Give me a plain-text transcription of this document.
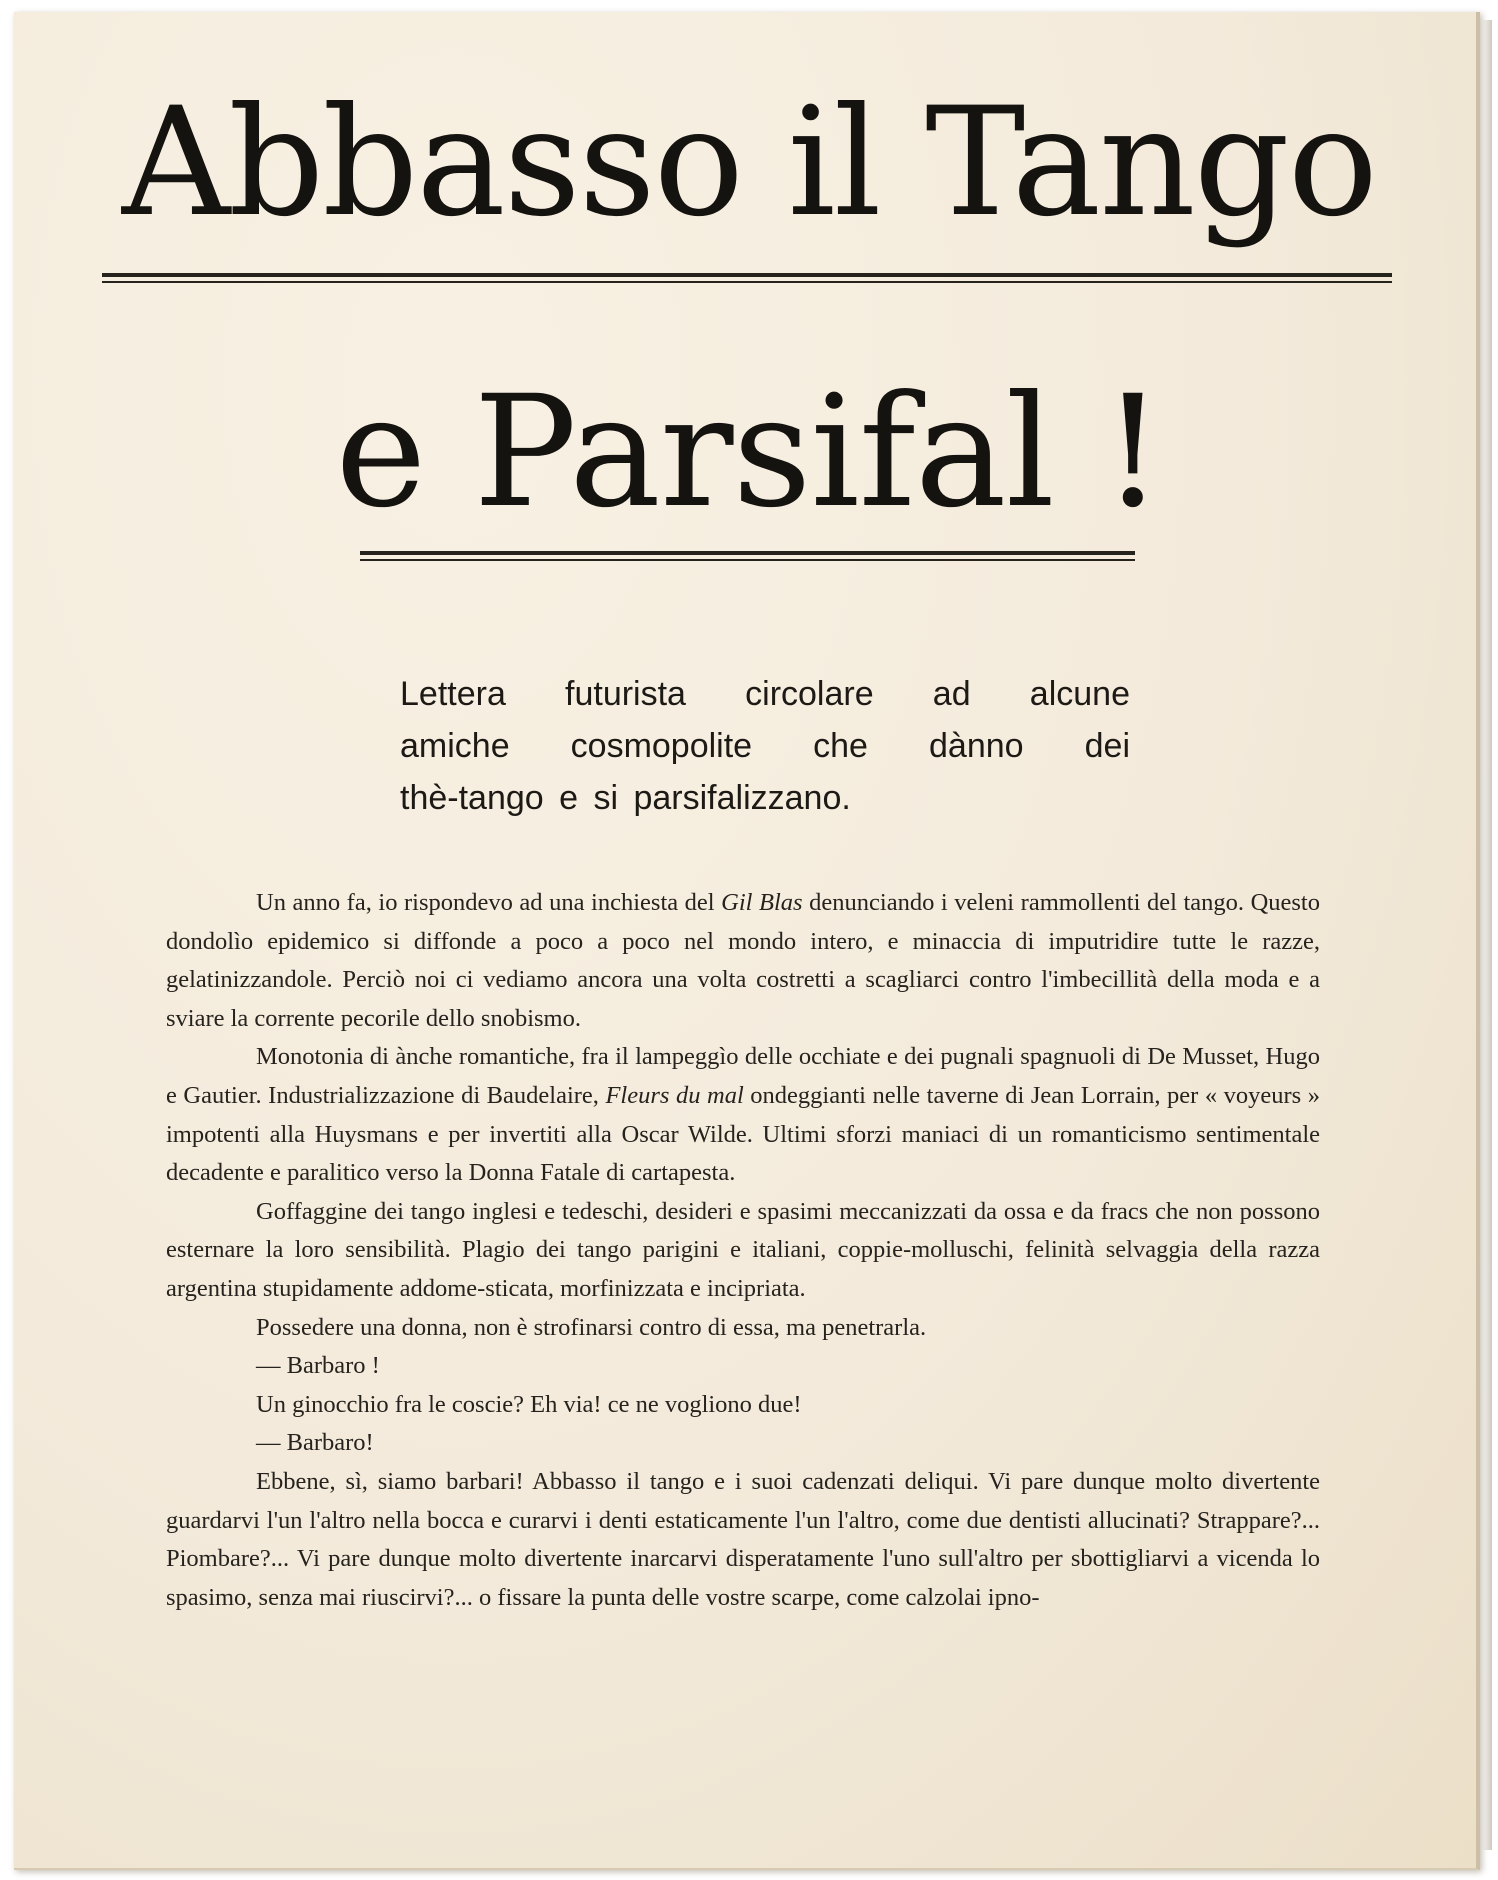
Abbasso il Tango
e Parsifal !
Lettera futurista circolare ad alcune
amiche cosmopolite che dànno dei
thè-tango e si parsifalizzano.

Un anno fa, io rispondevo ad una inchiesta del Gil Blas denunciando i veleni rammollenti del tango. Questo dondolìo epidemico si diffonde a poco a poco nel mondo intero, e minaccia di imputridire tutte le razze, gelatinizzandole. Perciò noi ci vediamo ancora una volta costretti a scagliarci contro l'imbecillità della moda e a sviare la corrente pecorile dello snobismo.

Monotonia di ànche romantiche, fra il lampeggìo delle occhiate e dei pugnali spagnuoli di De Musset, Hugo e Gautier. Industrializzazione di Baudelaire, Fleurs du mal ondeggianti nelle taverne di Jean Lorrain, per « voyeurs » impotenti alla Huysmans e per invertiti alla Oscar Wilde. Ultimi sforzi maniaci di un romanticismo sentimentale decadente e paralitico verso la Donna Fatale di cartapesta.

Goffaggine dei tango inglesi e tedeschi, desideri e spasimi meccanizzati da ossa e da fracs che non possono esternare la loro sensibilità. Plagio dei tango parigini e italiani, coppie-molluschi, felinità selvaggia della razza argentina stupidamente addome-sticata, morfinizzata e incipriata.

Possedere una donna, non è strofinarsi contro di essa, ma penetrarla.

— Barbaro !

Un ginocchio fra le coscie? Eh via! ce ne vogliono due!

— Barbaro!

Ebbene, sì, siamo barbari! Abbasso il tango e i suoi cadenzati deliqui. Vi pare dunque molto divertente guardarvi l'un l'altro nella bocca e curarvi i denti estaticamente l'un l'altro, come due dentisti allucinati? Strappare?... Piombare?... Vi pare dunque molto divertente inarcarvi disperatamente l'uno sull'altro per sbottigliarvi a vicenda lo spasimo, senza mai riuscirvi?... o fissare la punta delle vostre scarpe, come calzolai ipno-
